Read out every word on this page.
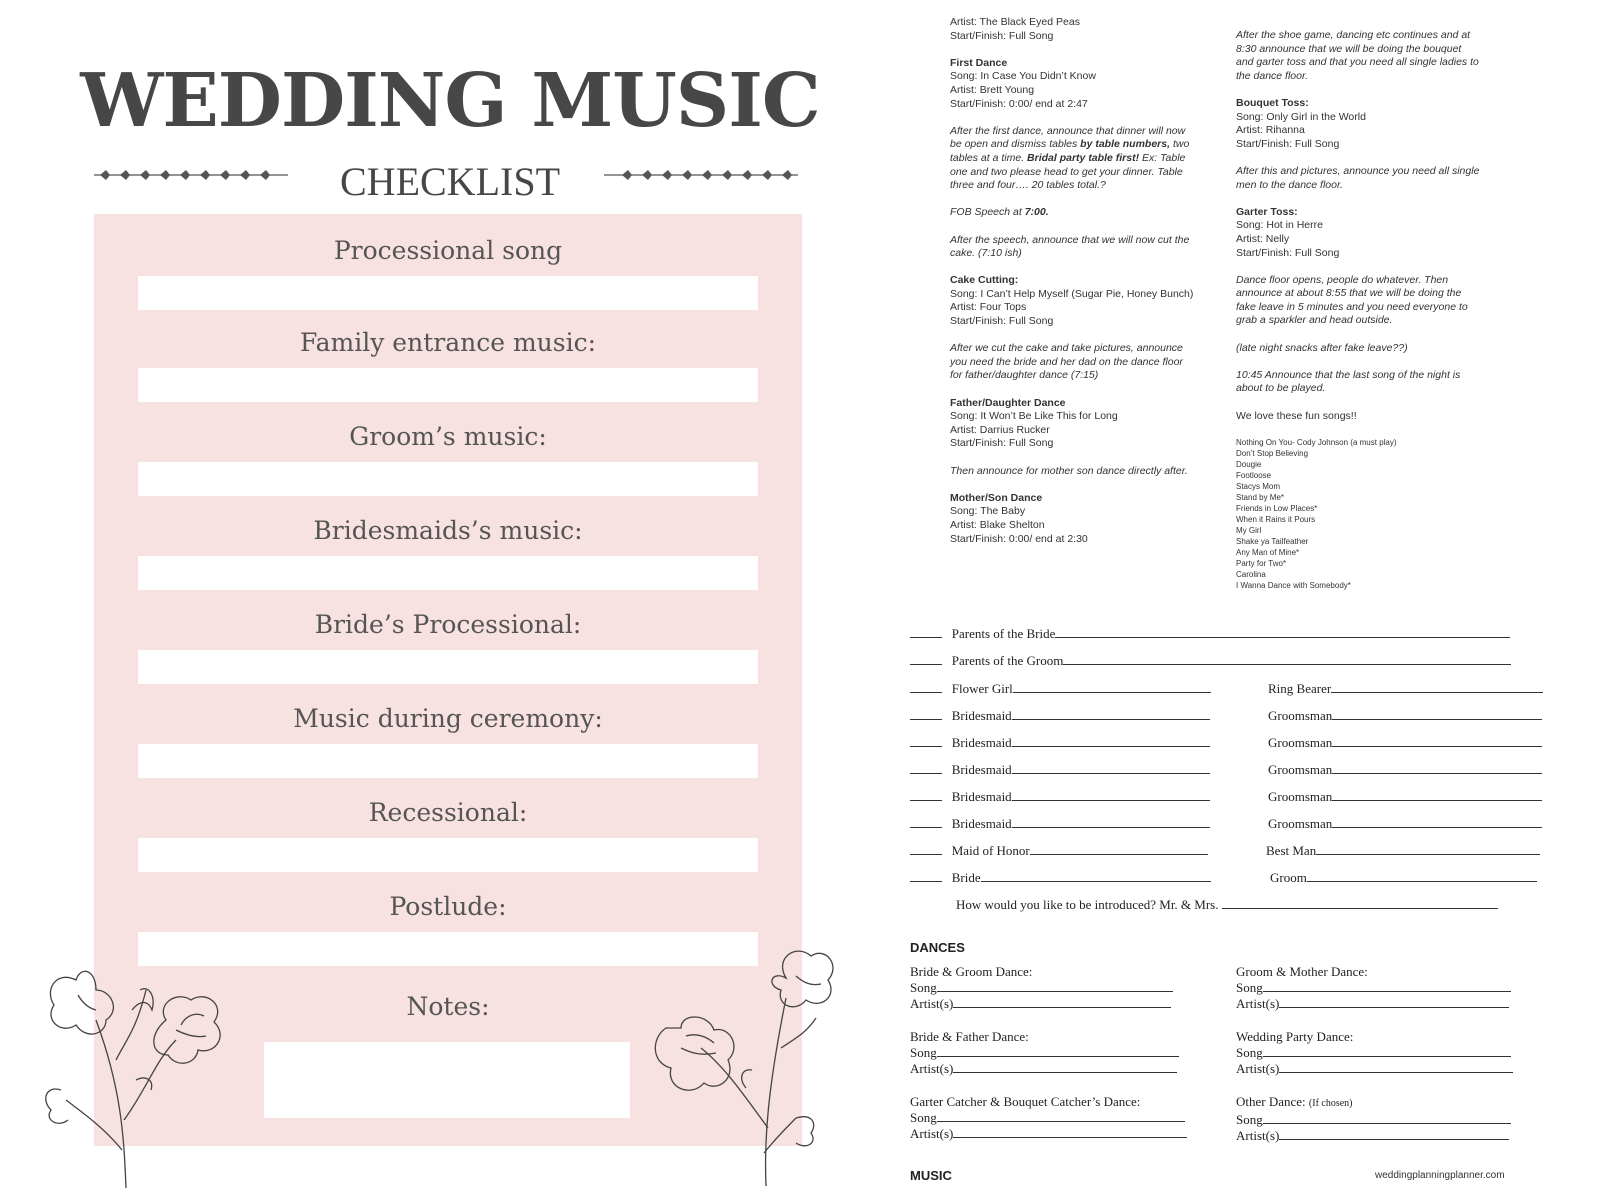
WEDDING MUSIC
CHECKLIST
Processional song
Family entrance music:
Groom’s music:
Bridesmaids’s music:
Bride’s Processional:
Music during ceremony:
Recessional:
Postlude:
Notes:

Artist: The Black Eyed Peas
Start/Finish: Full Song

First Dance
Song: In Case You Didn’t Know
Artist: Brett Young
Start/Finish: 0:00/ end at 2:47

After the first dance, announce that dinner will now be open and dismiss tables by table numbers, two tables at a time. Bridal party table first! Ex: Table one and two please head to get your dinner. Table three and four…. 20 tables total.?

FOB Speech at 7:00.

After the speech, announce that we will now cut the cake. (7:10 ish)

Cake Cutting:
Song: I Can’t Help Myself (Sugar Pie, Honey Bunch)
Artist: Four Tops
Start/Finish: Full Song

After we cut the cake and take pictures, announce you need the bride and her dad on the dance floor for father/daughter dance (7:15)

Father/Daughter Dance
Song: It Won’t Be Like This for Long
Artist: Darrius Rucker
Start/Finish: Full Song

Then announce for mother son dance directly after.

Mother/Son Dance
Song: The Baby
Artist: Blake Shelton
Start/Finish: 0:00/ end at 2:30

After the shoe game, dancing etc continues and at 8:30 announce that we will be doing the bouquet and garter toss and that you need all single ladies to the dance floor.

Bouquet Toss:
Song: Only Girl in the World
Artist: Rihanna
Start/Finish: Full Song

After this and pictures, announce you need all single men to the dance floor.

Garter Toss:
Song: Hot in Herre
Artist: Nelly
Start/Finish: Full Song

Dance floor opens, people do whatever. Then announce at about 8:55 that we will be doing the fake leave in 5 minutes and you need everyone to grab a sparkler and head outside.

(late night snacks after fake leave??)

10:45 Announce that the last song of the night is about to be played.

We love these fun songs!!

Nothing On You- Cody Johnson (a must play)
Don’t Stop Believing
Dougie
Footloose
Stacys Mom
Stand by Me*
Friends in Low Places*
When it Rains it Pours
My Girl
Shake ya Tailfeather
Any Man of Mine*
Party for Two*
Carolina
I Wanna Dance with Somebody*
Parents of the Bride
Parents of the Groom
Flower Girl	Ring Bearer
Bridesmaid	Groomsman
Bridesmaid	Groomsman
Bridesmaid	Groomsman
Bridesmaid	Groomsman
Bridesmaid	Groomsman
Maid of Honor	Best Man
Bride	Groom
How would you like to be introduced? Mr. & Mrs.
DANCES
Bride & Groom Dance:
Song
Artist(s)
Groom & Mother Dance:
Song
Artist(s)
Bride & Father Dance:
Song
Artist(s)
Wedding Party Dance:
Song
Artist(s)
Garter Catcher & Bouquet Catcher’s Dance:
Song
Artist(s)
Other Dance: (If chosen)
Song
Artist(s)
MUSIC	weddingplanningplanner.com
